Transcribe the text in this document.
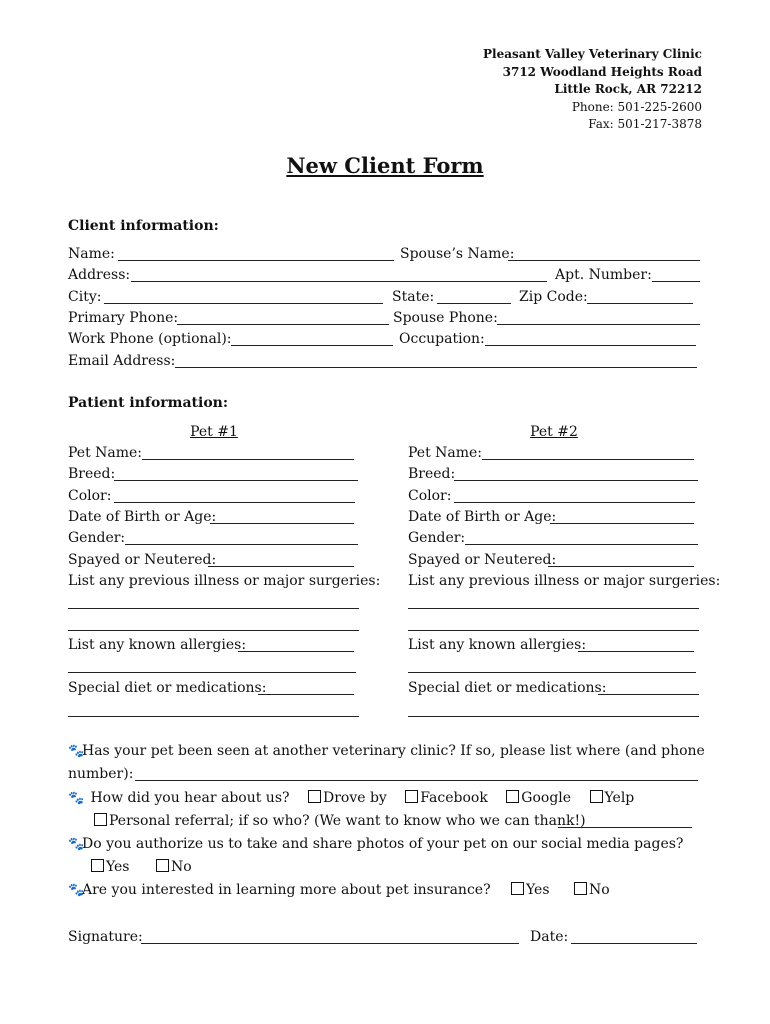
Pleasant Valley Veterinary Clinic
3712 Woodland Heights Road
Little Rock, AR 72212
Phone: 501-225-2600
Fax: 501-217-3878
New Client Form
Client information:
Name:	Spouse’s Name:
Address:	Apt. Number:
City:	State:	Zip Code:
Primary Phone:	Spouse Phone:
Work Phone (optional):	Occupation:
Email Address:
Patient information:
Pet #1
Pet Name:
Breed:
Color:
Date of Birth or Age:
Gender:
Spayed or Neutered:
List any previous illness or major surgeries:
List any known allergies:
Special diet or medications:
Pet #2
Pet Name:
Breed:
Color:
Date of Birth or Age:
Gender:
Spayed or Neutered:
List any previous illness or major surgeries:
List any known allergies:
Special diet or medications:
🐾Has your pet been seen at another veterinary clinic? If so, please list where (and phone
number):
🐾 How did you hear about us? Drove by Facebook Google Yelp
Personal referral; if so who? (We want to know who we can thank!)
🐾Do you authorize us to take and share photos of your pet on our social media pages?
Yes	No
🐾Are you interested in learning more about pet insurance?	Yes	No
Signature:	Date:
